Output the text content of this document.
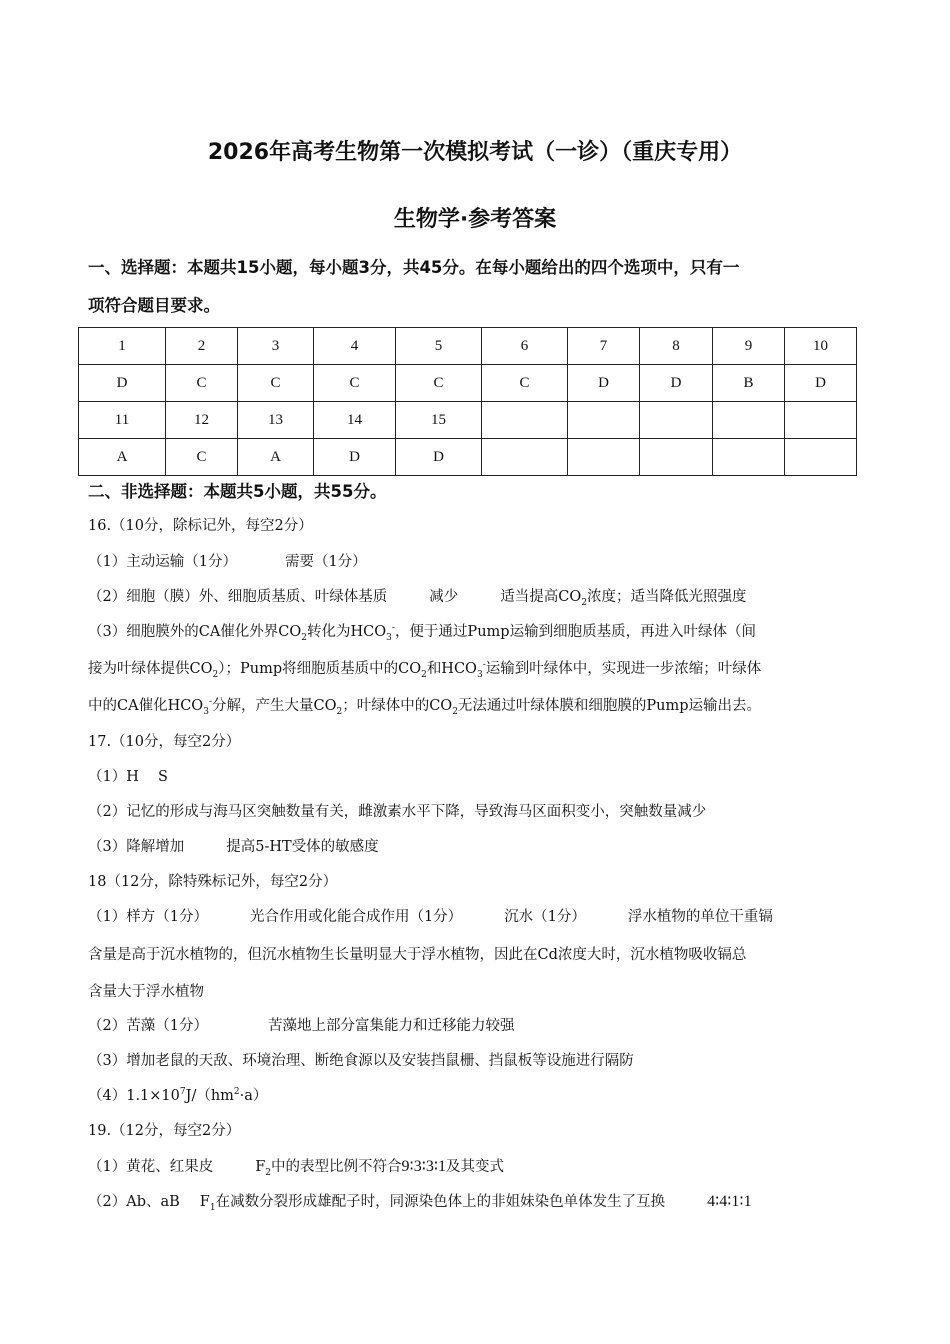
2026年高考生物第一次模拟考试（一诊）（重庆专用）
生物学·参考答案
一、选择题：本题共15小题，每小题3分，共45分。在每小题给出的四个选项中，只有一
项符合题目要求。
1	2	3	4	5	6	7	8	9	10
D	C	C	C	C	C	D	D	B	D
11	12	13	14	15					
A	C	A	D	D					
二、非选择题：本题共5小题，共55分。
16.（10分，除标记外，每空2分）
（1）主动运输（1分）	需要（1分）
（2）细胞（膜）外、细胞质基质、叶绿体基质	减少	适当提高$CO_2$浓度；适当降低光照强度
（3）细胞膜外的CA催化外界$CO_2$转化为$HCO_3^-$，便于通过Pump运输到细胞质基质，再进入叶绿体（间
接为叶绿体提供$CO_2$）；Pump将细胞质基质中的$CO_2$和$HCO_3^-$运输到叶绿体中，实现进一步浓缩；叶绿体
中的CA催化$HCO_3^-$分解，产生大量$CO_2$；叶绿体中的$CO_2$无法通过叶绿体膜和细胞膜的Pump运输出去。
17.（10分，每空2分）
（1）H　 S
（2）记忆的形成与海马区突触数量有关，雌激素水平下降，导致海马区面积变小，突触数量减少
（3）降解增加	提高5-HT受体的敏感度
18（12分，除特殊标记外，每空2分）
（1）样方（1分）	光合作用或化能合成作用（1分）	沉水（1分）	浮水植物的单位干重镉
含量是高于沉水植物的，但沉水植物生长量明显大于浮水植物，因此在Cd浓度大时，沉水植物吸收镉总
含量大于浮水植物
（2）苦藻（1分）	苦藻地上部分富集能力和迁移能力较强
（3）增加老鼠的天敌、环境治理、断绝食源以及安装挡鼠栅、挡鼠板等设施进行隔防
$(4)1.1\times 10^7J/(hm^2\cdot a)$
19.（12分，每空2分）
（1）黄花、红果皮	$F_2$中的表型比例不符合9∶3∶3∶1及其变式
（2）Ab、aB $F_1$在减数分裂形成雄配子时，同源染色体上的非姐妹染色单体发生了互换	4∶4∶1∶1
